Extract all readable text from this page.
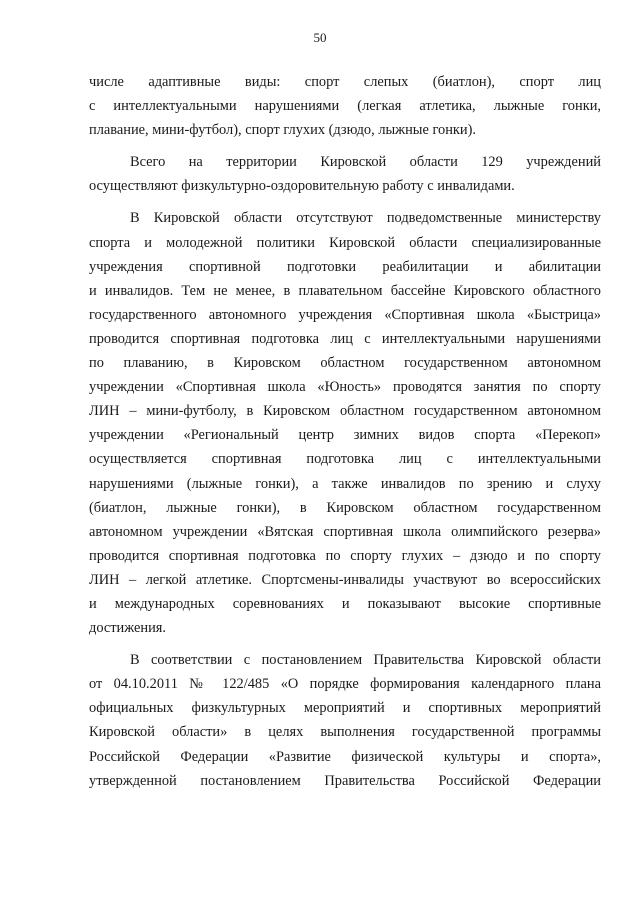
50
числе адаптивные виды: спорт слепых (биатлон), спорт лиц
с интеллектуальными нарушениями (легкая атлетика, лыжные гонки,
плавание, мини-футбол), спорт глухих (дзюдо, лыжные гонки).
Всего на территории Кировской области 129 учреждений
осуществляют физкультурно-оздоровительную работу с инвалидами.
В Кировской области отсутствуют подведомственные министерству
спорта и молодежной политики Кировской области специализированные
учреждения спортивной подготовки реабилитации и абилитации
и инвалидов. Тем не менее, в плавательном бассейне Кировского областного
государственного автономного учреждения «Спортивная школа «Быстрица»
проводится спортивная подготовка лиц с интеллектуальными нарушениями
по плаванию, в Кировском областном государственном автономном
учреждении «Спортивная школа «Юность» проводятся занятия по спорту
ЛИН – мини-футболу, в Кировском областном государственном автономном
учреждении «Региональный центр зимних видов спорта «Перекоп»
осуществляется спортивная подготовка лиц с интеллектуальными
нарушениями (лыжные гонки), а также инвалидов по зрению и слуху
(биатлон, лыжные гонки), в Кировском областном государственном
автономном учреждении «Вятская спортивная школа олимпийского резерва»
проводится спортивная подготовка по спорту глухих – дзюдо и по спорту
ЛИН – легкой атлетике. Спортсмены-инвалиды участвуют во всероссийских
и международных соревнованиях и показывают высокие спортивные
достижения.
В соответствии с постановлением Правительства Кировской области
от 04.10.2011 № 122/485 «О порядке формирования календарного плана
официальных физкультурных мероприятий и спортивных мероприятий
Кировской области» в целях выполнения государственной программы
Российской Федерации «Развитие физической культуры и спорта»,
утвержденной постановлением Правительства Российской Федерации
